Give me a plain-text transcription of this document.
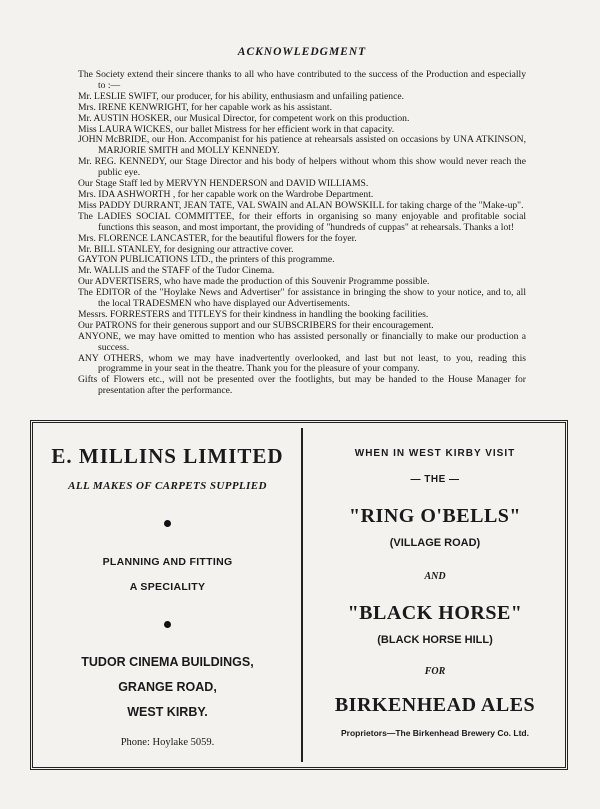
ACKNOWLEDGMENT
The Society extend their sincere thanks to all who have contributed to the success of the Production and especially to :—
Mr. LESLIE SWIFT, our producer, for his ability, enthusiasm and unfailing patience.
Mrs. IRENE KENWRIGHT, for her capable work as his assistant.
Mr. AUSTIN HOSKER, our Musical Director, for competent work on this production.
Miss LAURA WICKES, our ballet Mistress for her efficient work in that capacity.
JOHN McBRIDE, our Hon. Accompanist for his patience at rehearsals assisted on occasions by UNA ATKINSON, MARJORIE SMITH and MOLLY KENNEDY.
Mr. REG. KENNEDY, our Stage Director and his body of helpers without whom this show would never reach the public eye.
Our Stage Staff led by MERVYN HENDERSON and DAVID WILLIAMS.
Mrs. IDA ASHWORTH , for her capable work on the Wardrobe Department.
Miss PADDY DURRANT, JEAN TATE, VAL SWAIN and ALAN BOWSKILL for taking charge of the "Make-up".
The LADIES SOCIAL COMMITTEE, for their efforts in organising so many enjoyable and profitable social functions this season, and most important, the providing of "hundreds of cuppas" at rehearsals. Thanks a lot!
Mrs. FLORENCE LANCASTER, for the beautiful flowers for the foyer.
Mr. BILL STANLEY, for designing our attractive cover.
GAYTON PUBLICATIONS LTD., the printers of this programme.
Mr. WALLIS and the STAFF of the Tudor Cinema.
Our ADVERTISERS, who have made the production of this Souvenir Programme possible.
The EDITOR of the "Hoylake News and Advertiser" for assistance in bringing the show to your notice, and to, all the local TRADESMEN who have displayed our Advertisements.
Messrs. FORRESTERS and TITLEYS for their kindness in handling the booking facilities.
Our PATRONS for their generous support and our SUBSCRIBERS for their encouragement.
ANYONE, we may have omitted to mention who has assisted personally or financially to make our production a success.
ANY OTHERS, whom we may have inadvertently overlooked, and last but not least, to you, reading this programme in your seat in the theatre. Thank you for the pleasure of your company.
Gifts of Flowers etc., will not be presented over the footlights, but may be handed to the House Manager for presentation after the performance.
E. MILLINS LIMITED
ALL MAKES OF CARPETS SUPPLIED
PLANNING AND FITTING
A SPECIALITY
TUDOR CINEMA BUILDINGS,
GRANGE ROAD,
WEST KIRBY.
Phone: Hoylake 5059.
WHEN IN WEST KIRBY VISIT
— THE —
"RING O'BELLS"
(VILLAGE ROAD)
AND
"BLACK HORSE"
(BLACK HORSE HILL)
FOR
BIRKENHEAD ALES
Proprietors—The Birkenhead Brewery Co. Ltd.
